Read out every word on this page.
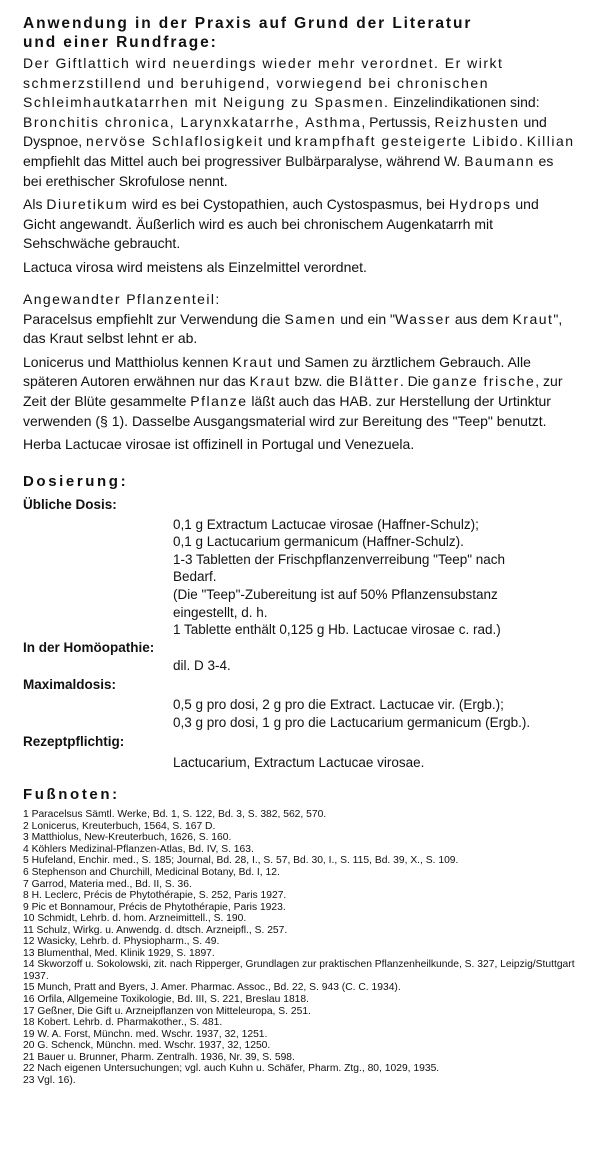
Anwendung in der Praxis auf Grund der Literatur
und einer Rundfrage:

Der Giftlattich wird neuerdings wieder mehr verordnet. Er wirkt schmerzstillend und beruhigend, vorwiegend bei chronischen Schleimhautkatarrhen mit Neigung zu Spasmen. Einzelindikationen sind: Bronchitis chronica, Larynxkatarrhe, Asthma, Pertussis, Reizhusten und Dyspnoe, nervöse Schlaflosigkeit und krampfhaft gesteigerte Libido. Killian empfiehlt das Mittel auch bei progressiver Bulbärparalyse, während W. Baumann es bei erethischer Skrofulose nennt.

Als Diuretikum wird es bei Cystopathien, auch Cystospasmus, bei Hydrops und Gicht angewandt. Äußerlich wird es auch bei chronischem Augenkatarrh mit Sehschwäche gebraucht.

Lactuca virosa wird meistens als Einzelmittel verordnet.

Angewandter Pflanzenteil:

Paracelsus empfiehlt zur Verwendung die Samen und ein "Wasser aus dem Kraut", das Kraut selbst lehnt er ab.

Lonicerus und Matthiolus kennen Kraut und Samen zu ärztlichem Gebrauch. Alle späteren Autoren erwähnen nur das Kraut bzw. die Blätter. Die ganze frische, zur Zeit der Blüte gesammelte Pflanze läßt auch das HAB. zur Herstellung der Urtinktur verwenden (§ 1). Dasselbe Ausgangsmaterial wird zur Bereitung des "Teep" benutzt.

Herba Lactucae virosae ist offizinell in Portugal und Venezuela.

Dosierung:
Übliche Dosis:
0,1 g Extractum Lactucae virosae (Haffner-Schulz);
0,1 g Lactucarium germanicum (Haffner-Schulz).
1-3 Tabletten der Frischpflanzenverreibung "Teep" nach
Bedarf.
(Die "Teep"-Zubereitung ist auf 50% Pflanzensubstanz
eingestellt, d. h.
1 Tablette enthält 0,125 g Hb. Lactucae virosae c. rad.)
In der Homöopathie:
dil. D 3-4.
Maximaldosis:
0,5 g pro dosi, 2 g pro die Extract. Lactucae vir. (Ergb.);
0,3 g pro dosi, 1 g pro die Lactucarium germanicum (Ergb.).
Rezeptpflichtig:
Lactucarium, Extractum Lactucae virosae.
Fußnoten:
1 Paracelsus Sämtl. Werke, Bd. 1, S. 122, Bd. 3, S. 382, 562, 570.
2 Lonicerus, Kreuterbuch, 1564, S. 167 D.
3 Matthiolus, New-Kreuterbuch, 1626, S. 160.
4 Köhlers Medizinal-Pflanzen-Atlas, Bd. IV, S. 163.
5 Hufeland, Enchir. med., S. 185; Journal, Bd. 28, I., S. 57, Bd. 30, I., S. 115, Bd. 39, X., S. 109.
6 Stephenson and Churchill, Medicinal Botany, Bd. I, 12.
7 Garrod, Materia med., Bd. II, S. 36.
8 H. Leclerc, Précis de Phytothérapie, S. 252, Paris 1927.
9 Pic et Bonnamour, Précis de Phytothérapie, Paris 1923.
10 Schmidt, Lehrb. d. hom. Arzneimittell., S. 190.
11 Schulz, Wirkg. u. Anwendg. d. dtsch. Arzneipfl., S. 257.
12 Wasicky, Lehrb. d. Physiopharm., S. 49.
13 Blumenthal, Med. Klinik 1929, S. 1897.
14 Skworzoff u. Sokolowski, zit. nach Ripperger, Grundlagen zur praktischen Pflanzenheilkunde, S. 327, Leipzig/Stuttgart 1937.
15 Munch, Pratt and Byers, J. Amer. Pharmac. Assoc., Bd. 22, S. 943 (C. C. 1934).
16 Orfila, Allgemeine Toxikologie, Bd. III, S. 221, Breslau 1818.
17 Geßner, Die Gift u. Arzneipflanzen von Mitteleuropa, S. 251.
18 Kobert. Lehrb. d. Pharmakother., S. 481.
19 W. A. Forst, Münchn. med. Wschr. 1937, 32, 1251.
20 G. Schenck, Münchn. med. Wschr. 1937, 32, 1250.
21 Bauer u. Brunner, Pharm. Zentralh. 1936, Nr. 39, S. 598.
22 Nach eigenen Untersuchungen; vgl. auch Kuhn u. Schäfer, Pharm. Ztg., 80, 1029, 1935.
23 Vgl. 16).
